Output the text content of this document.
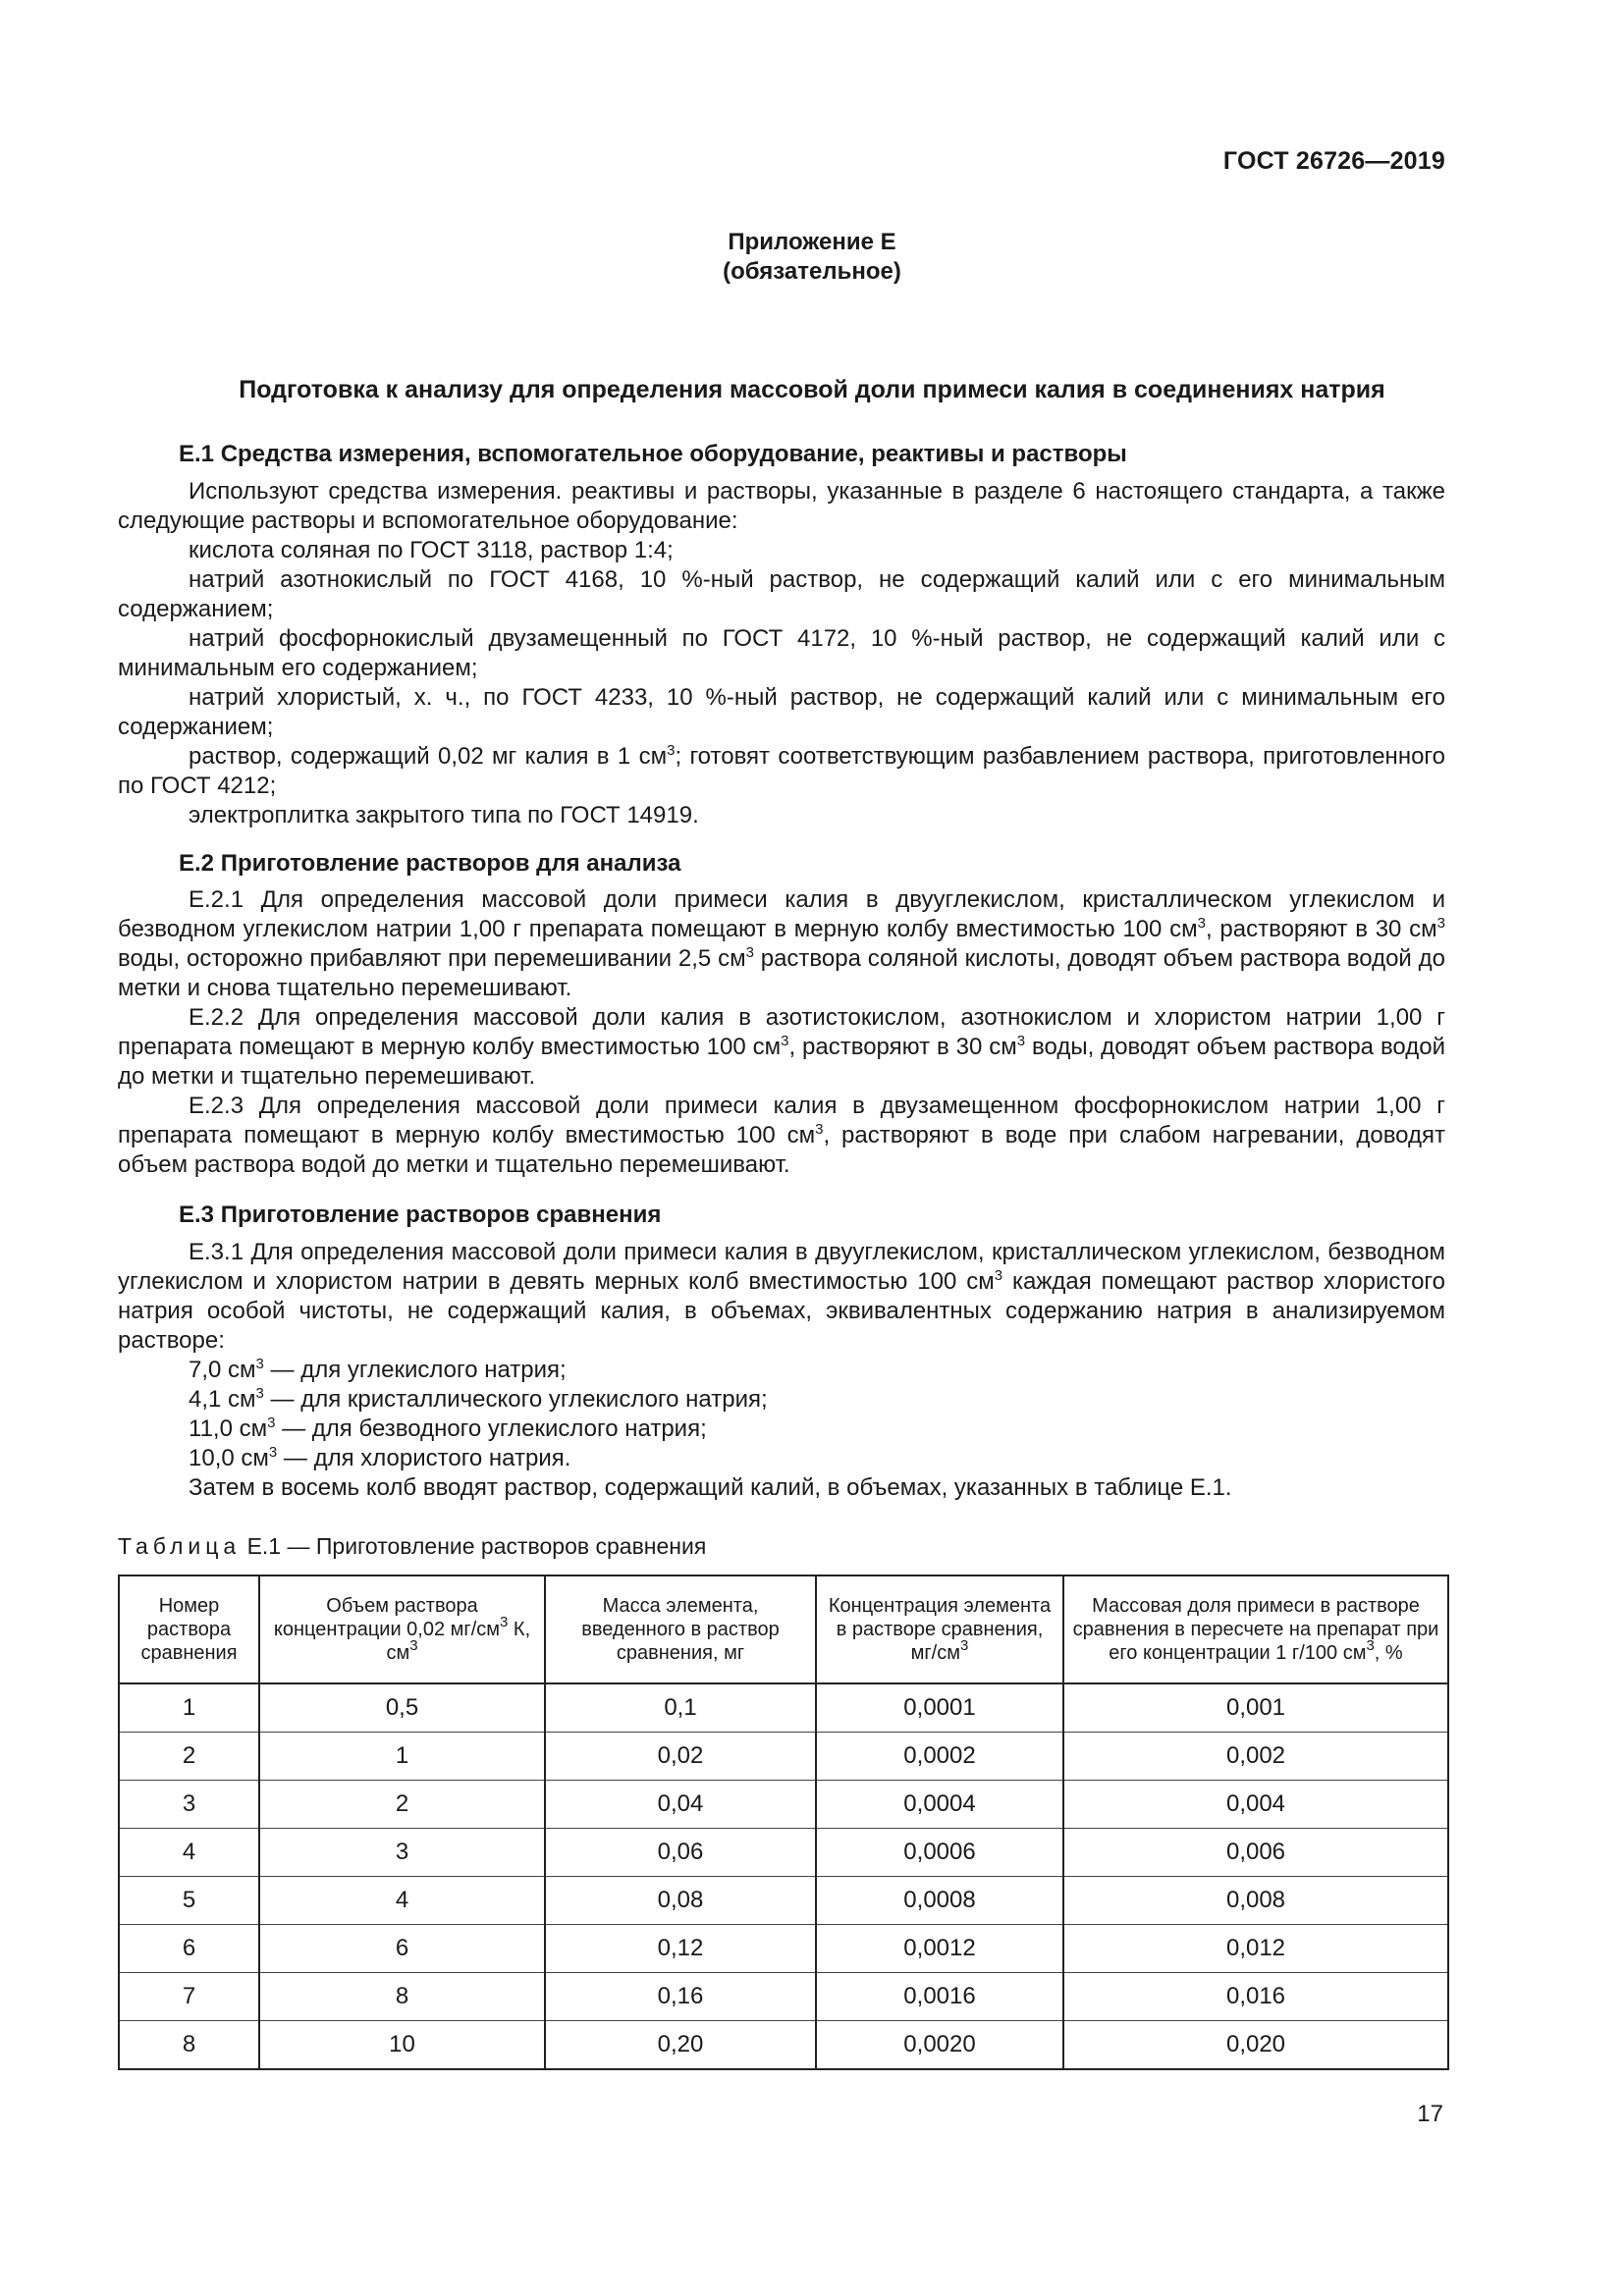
ГОСТ 26726—2019
Приложение Е
(обязательное)
Подготовка к анализу для определения массовой доли примеси калия в соединениях натрия
Е.1 Средства измерения, вспомогательное оборудование, реактивы и растворы

Используют средства измерения. реактивы и растворы, указанные в разделе 6 настоящего стандарта, а также следующие растворы и вспомогательное оборудование:

кислота соляная по ГОСТ 3118, раствор 1:4;

натрий азотнокислый по ГОСТ 4168, 10 %-ный раствор, не содержащий калий или с его минимальным содержанием;

натрий фосфорнокислый двузамещенный по ГОСТ 4172, 10 %-ный раствор, не содержащий калий или с минимальным его содержанием;

натрий хлористый, х. ч., по ГОСТ 4233, 10 %-ный раствор, не содержащий калий или с минимальным его содержанием;

раствор, содержащий 0,02 мг калия в 1 $см^3$; готовят соответствующим разбавлением раствора, приготовленного по ГОСТ 4212;

электроплитка закрытого типа по ГОСТ 14919.

Е.2 Приготовление растворов для анализа

Е.2.1 Для определения массовой доли примеси калия в двууглекислом, кристаллическом углекислом и безводном углекислом натрии 1,00 г препарата помещают в мерную колбу вместимостью 100 $см^3$, растворяют в 30 $см^3$ воды, осторожно прибавляют при перемешивании 2,5 $см^3$ раствора соляной кислоты, доводят объем раствора водой до метки и снова тщательно перемешивают.

Е.2.2 Для определения массовой доли калия в азотистокислом, азотнокислом и хлористом натрии 1,00 г препарата помещают в мерную колбу вместимостью 100 $см^3$, растворяют в 30 $см^3$ воды, доводят объем раствора водой до метки и тщательно перемешивают.

Е.2.3 Для определения массовой доли примеси калия в двузамещенном фосфорнокислом натрии 1,00 г препарата помещают в мерную колбу вместимостью 100 $см^3$, растворяют в воде при слабом нагревании, доводят объем раствора водой до метки и тщательно перемешивают.

Е.3 Приготовление растворов сравнения

Е.3.1 Для определения массовой доли примеси калия в двууглекислом, кристаллическом углекислом, безводном углекислом и хлористом натрии в девять мерных колб вместимостью 100 $см^3$ каждая помещают раствор хлористого натрия особой чистоты, не содержащий калия, в объемах, эквивалентных содержанию натрия в анализируемом растворе:

7,0 $см^3$ — для углекислого натрия;

4,1 $см^3$ — для кристаллического углекислого натрия;

11,0 $см^3$ — для безводного углекислого натрия;

10,0 $см^3$ — для хлористого натрия.

Затем в восемь колб вводят раствор, содержащий калий, в объемах, указанных в таблице Е.1.

Таблица Е.1 — Приготовление растворов сравнения
Номер раствора сравнения	Объем раствора концентрации 0,02 $мг/см^3$ К, $см^3$	Масса элемента, введенного в раствор сравнения, мг	Концентрация элемента в растворе сравнения, $мг/см^3$	Массовая доля примеси в растворе сравнения в пересчете на препарат при его концентрации 1 г/100 $см^3$, %
1	0,5	0,1	0,0001	0,001
2	1	0,02	0,0002	0,002
3	2	0,04	0,0004	0,004
4	3	0,06	0,0006	0,006
5	4	0,08	0,0008	0,008
6	6	0,12	0,0012	0,012
7	8	0,16	0,0016	0,016
8	10	0,20	0,0020	0,020
17
